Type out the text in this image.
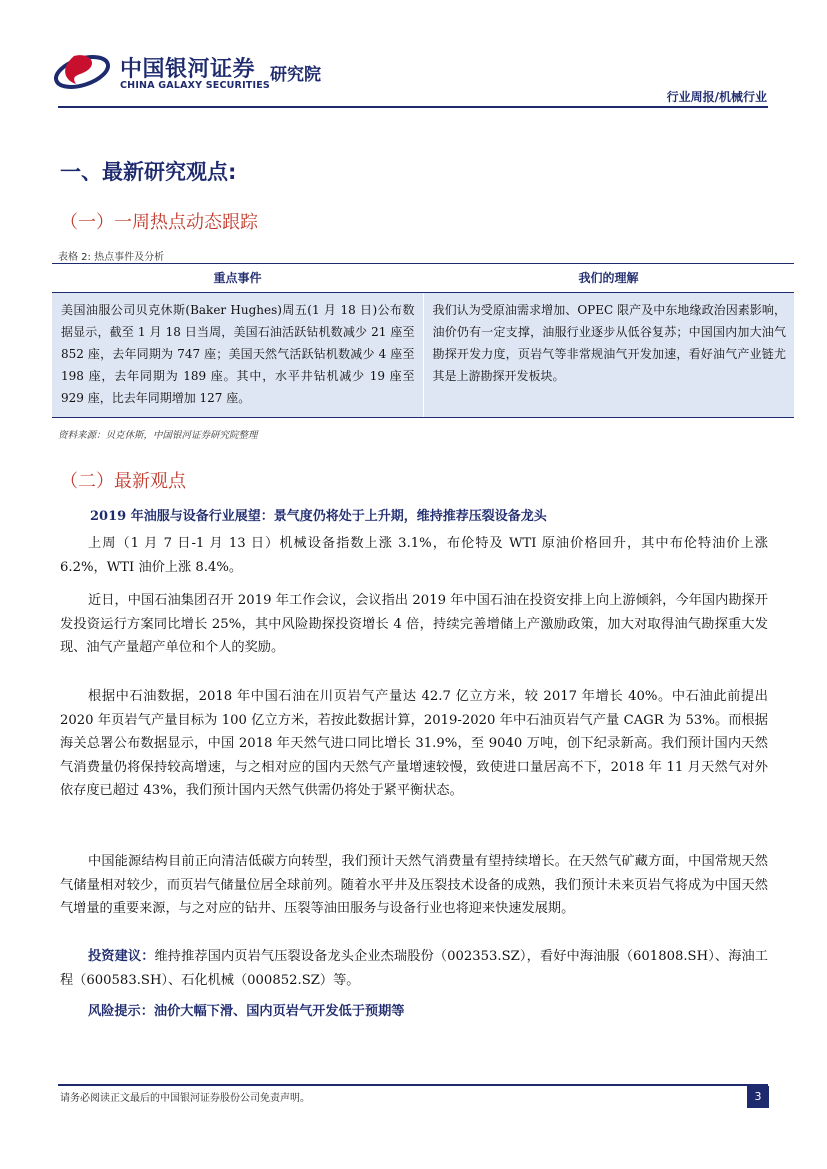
中国银河证券
CHINA GALAXY SECURITIES
研究院
行业周报/机械行业
一、最新研究观点:
（一）一周热点动态跟踪
表格 2: 热点事件及分析
重点事件	我们的理解
美国油服公司贝克休斯(Baker Hughes)周五(1 月 18 日)公布数据显示，截至 1 月 18 日当周，美国石油活跃钻机数减少 21 座至 852 座，去年同期为 747 座；美国天然气活跃钻机数减少 4 座至 198 座，去年同期为 189 座。其中，水平井钻机减少 19 座至 929 座，比去年同期增加 127 座。
我们认为受原油需求增加、OPEC 限产及中东地缘政治因素影响，油价仍有一定支撑，油服行业逐步从低谷复苏；中国国内加大油气勘探开发力度，页岩气等非常规油气开发加速，看好油气产业链尤其是上游勘探开发板块。
资料来源：贝克休斯，中国银河证券研究院整理
（二）最新观点
2019 年油服与设备行业展望：景气度仍将处于上升期，维持推荐压裂设备龙头

上周（1 月 7 日-1 月 13 日）机械设备指数上涨 3.1%，布伦特及 WTI 原油价格回升，其中布伦特油价上涨 6.2%，WTI 油价上涨 8.4%。

近日，中国石油集团召开 2019 年工作会议，会议指出 2019 年中国石油在投资安排上向上游倾斜，今年国内勘探开发投资运行方案同比增长 25%，其中风险勘探投资增长 4 倍，持续完善增储上产激励政策，加大对取得油气勘探重大发现、油气产量超产单位和个人的奖励。

根据中石油数据，2018 年中国石油在川页岩气产量达 42.7 亿立方米，较 2017 年增长 40%。中石油此前提出 2020 年页岩气产量目标为 100 亿立方米，若按此数据计算，2019-2020 年中石油页岩气产量 CAGR 为 53%。而根据海关总署公布数据显示，中国 2018 年天然气进口同比增长 31.9%，至 9040 万吨，创下纪录新高。我们预计国内天然气消费量仍将保持较高增速，与之相对应的国内天然气产量增速较慢，致使进口量居高不下，2018 年 11 月天然气对外依存度已超过 43%，我们预计国内天然气供需仍将处于紧平衡状态。

中国能源结构目前正向清洁低碳方向转型，我们预计天然气消费量有望持续增长。在天然气矿藏方面，中国常规天然气储量相对较少，而页岩气储量位居全球前列。随着水平井及压裂技术设备的成熟，我们预计未来页岩气将成为中国天然气增量的重要来源，与之对应的钻井、压裂等油田服务与设备行业也将迎来快速发展期。

投资建议：维持推荐国内页岩气压裂设备龙头企业杰瑞股份（002353.SZ），看好中海油服（601808.SH）、海油工程（600583.SH）、石化机械（000852.SZ）等。

风险提示：油价大幅下滑、国内页岩气开发低于预期等

请务必阅读正文最后的中国银河证券股份公司免责声明。	3
